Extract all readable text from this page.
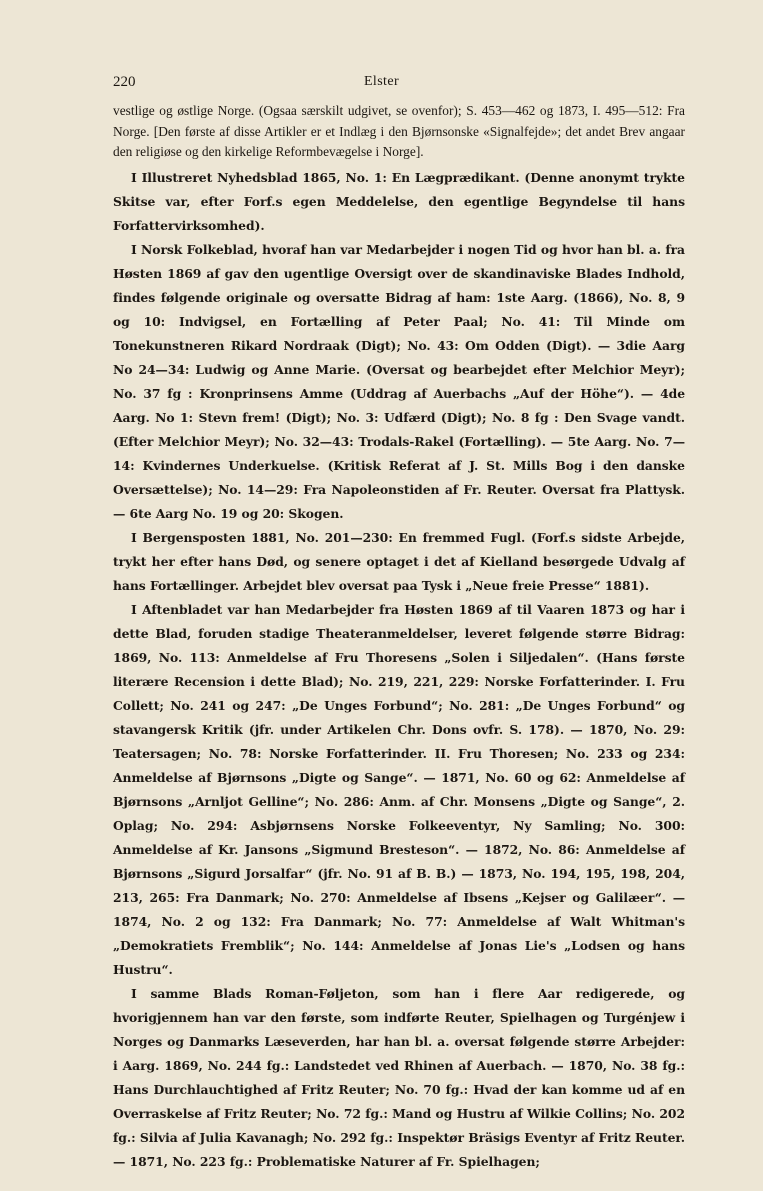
220	Elster

vestlige og østlige Norge. (Ogsaa særskilt udgivet, se ovenfor); S. 453—462 og 1873, I. 495—512: Fra Norge. [Den første af disse Artikler er et Indlæg i den Bjørnsonske «Signalfejde»; det andet Brev angaar den religiøse og den kirkelige Reformbevægelse i Norge].

I Illustreret Nyhedsblad 1865, No. 1: En Lægprædikant. (Denne anonymt trykte Skitse var, efter Forf.s egen Meddelelse, den egentlige Begyndelse til hans Forfattervirksomhed).

I Norsk Folkeblad, hvoraf han var Medarbejder i nogen Tid og hvor han bl. a. fra Høsten 1869 af gav den ugentlige Oversigt over de skandinaviske Blades Indhold, findes følgende originale og oversatte Bidrag af ham: 1ste Aarg. (1866), No. 8, 9 og 10: Indvigsel, en Fortælling af Peter Paal; No. 41: Til Minde om Tonekunstneren Rikard Nordraak (Digt); No. 43: Om Odden (Digt). — 3die Aarg No 24—34: Ludwig og Anne Marie. (Oversat og bearbejdet efter Melchior Meyr); No. 37 fg : Kronprinsens Amme (Uddrag af Auerbachs „Auf der Höhe“). — 4de Aarg. No 1: Stevn frem! (Digt); No. 3: Udfærd (Digt); No. 8 fg : Den Svage vandt. (Efter Melchior Meyr); No. 32—43: Trodals-Rakel (Fortælling). — 5te Aarg. No. 7—14: Kvindernes Underkuelse. (Kritisk Referat af J. St. Mills Bog i den danske Oversættelse); No. 14—29: Fra Napoleonstiden af Fr. Reuter. Oversat fra Plattysk. — 6te Aarg No. 19 og 20: Skogen.

I Bergensposten 1881, No. 201—230: En fremmed Fugl. (Forf.s sidste Arbejde, trykt her efter hans Død, og senere optaget i det af Kielland besørgede Udvalg af hans Fortællinger. Arbejdet blev oversat paa Tysk i „Neue freie Presse“ 1881).

I Aftenbladet var han Medarbejder fra Høsten 1869 af til Vaaren 1873 og har i dette Blad, foruden stadige Theateranmeldelser, leveret følgende større Bidrag: 1869, No. 113: Anmeldelse af Fru Thoresens „Solen i Siljedalen“. (Hans første literære Recension i dette Blad); No. 219, 221, 229: Norske Forfatterinder. I. Fru Collett; No. 241 og 247: „De Unges Forbund“; No. 281: „De Unges Forbund“ og stavangersk Kritik (jfr. under Artikelen Chr. Dons ovfr. S. 178). — 1870, No. 29: Teatersagen; No. 78: Norske Forfatterinder. II. Fru Thoresen; No. 233 og 234: Anmeldelse af Bjørnsons „Digte og Sange“. — 1871, No. 60 og 62: Anmeldelse af Bjørnsons „Arnljot Gelline“; No. 286: Anm. af Chr. Monsens „Digte og Sange“, 2. Oplag; No. 294: Asbjørnsens Norske Folkeeventyr, Ny Samling; No. 300: Anmeldelse af Kr. Jansons „Sigmund Bresteson“. — 1872, No. 86: Anmeldelse af Bjørnsons „Sigurd Jorsalfar“ (jfr. No. 91 af B. B.) — 1873, No. 194, 195, 198, 204, 213, 265: Fra Danmark; No. 270: Anmeldelse af Ibsens „Kejser og Galilæer“. — 1874, No. 2 og 132: Fra Danmark; No. 77: Anmeldelse af Walt Whitman's „Demokratiets Fremblik“; No. 144: Anmeldelse af Jonas Lie's „Lodsen og hans Hustru“.

I samme Blads Roman-Føljeton, som han i flere Aar redigerede, og hvorigjennem han var den første, som indførte Reuter, Spielhagen og Turgénjew i Norges og Danmarks Læseverden, har han bl. a. oversat følgende større Arbejder: i Aarg. 1869, No. 244 fg.: Landstedet ved Rhinen af Auerbach. — 1870, No. 38 fg.: Hans Durchlauchtighed af Fritz Reuter; No. 70 fg.: Hvad der kan komme ud af en Overraskelse af Fritz Reuter; No. 72 fg.: Mand og Hustru af Wilkie Collins; No. 202 fg.: Silvia af Julia Kavanagh; No. 292 fg.: Inspektør Bräsigs Eventyr af Fritz Reuter. — 1871, No. 223 fg.: Problematiske Naturer af Fr. Spielhagen;
